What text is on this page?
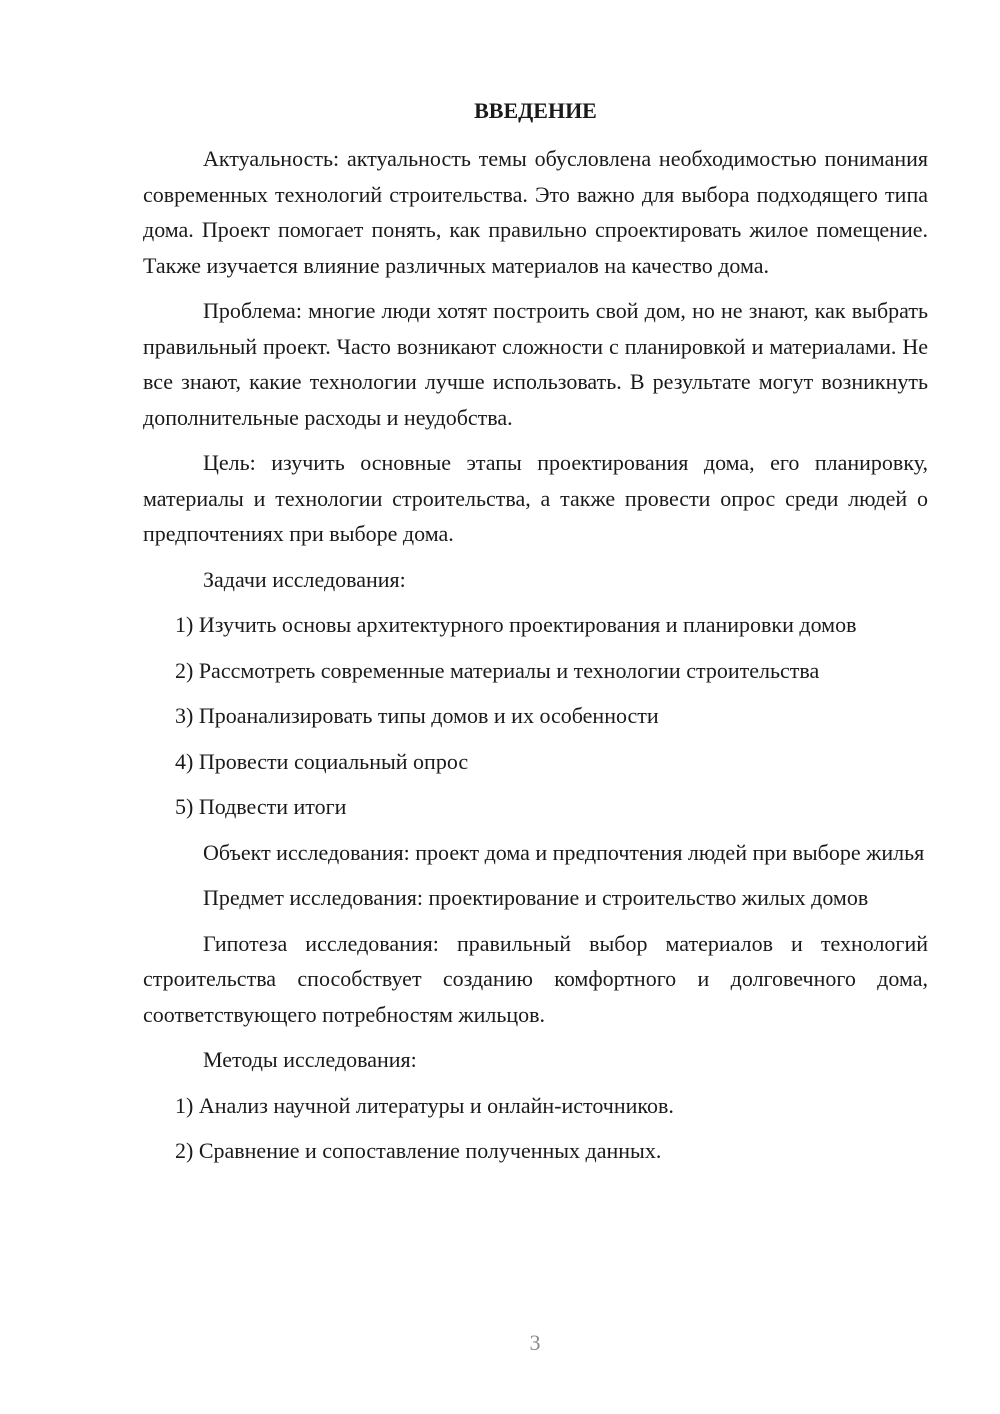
ВВЕДЕНИЕ

Актуальность: актуальность темы обусловлена необходимостью понимания современных технологий строительства. Это важно для выбора подходящего типа дома. Проект помогает понять, как правильно спроектировать жилое помещение. Также изучается влияние различных материалов на качество дома.

Проблема: многие люди хотят построить свой дом, но не знают, как выбрать правильный проект. Часто возникают сложности с планировкой и материалами. Не все знают, какие технологии лучше использовать. В результате могут возникнуть дополнительные расходы и неудобства.

Цель: изучить основные этапы проектирования дома, его планировку, материалы и технологии строительства, а также провести опрос среди людей о предпочтениях при выборе дома.

Задачи исследования:

1) Изучить основы архитектурного проектирования и планировки домов

2) Рассмотреть современные материалы и технологии строительства

3) Проанализировать типы домов и их особенности

4) Провести социальный опрос

5) Подвести итоги

Объект исследования: проект дома и предпочтения людей при выборе жилья

Предмет исследования: проектирование и строительство жилых домов

Гипотеза исследования: правильный выбор материалов и технологий строительства способствует созданию комфортного и долговечного дома, соответствующего потребностям жильцов.

Методы исследования:

1) Анализ научной литературы и онлайн-источников.

2) Сравнение и сопоставление полученных данных.

3
